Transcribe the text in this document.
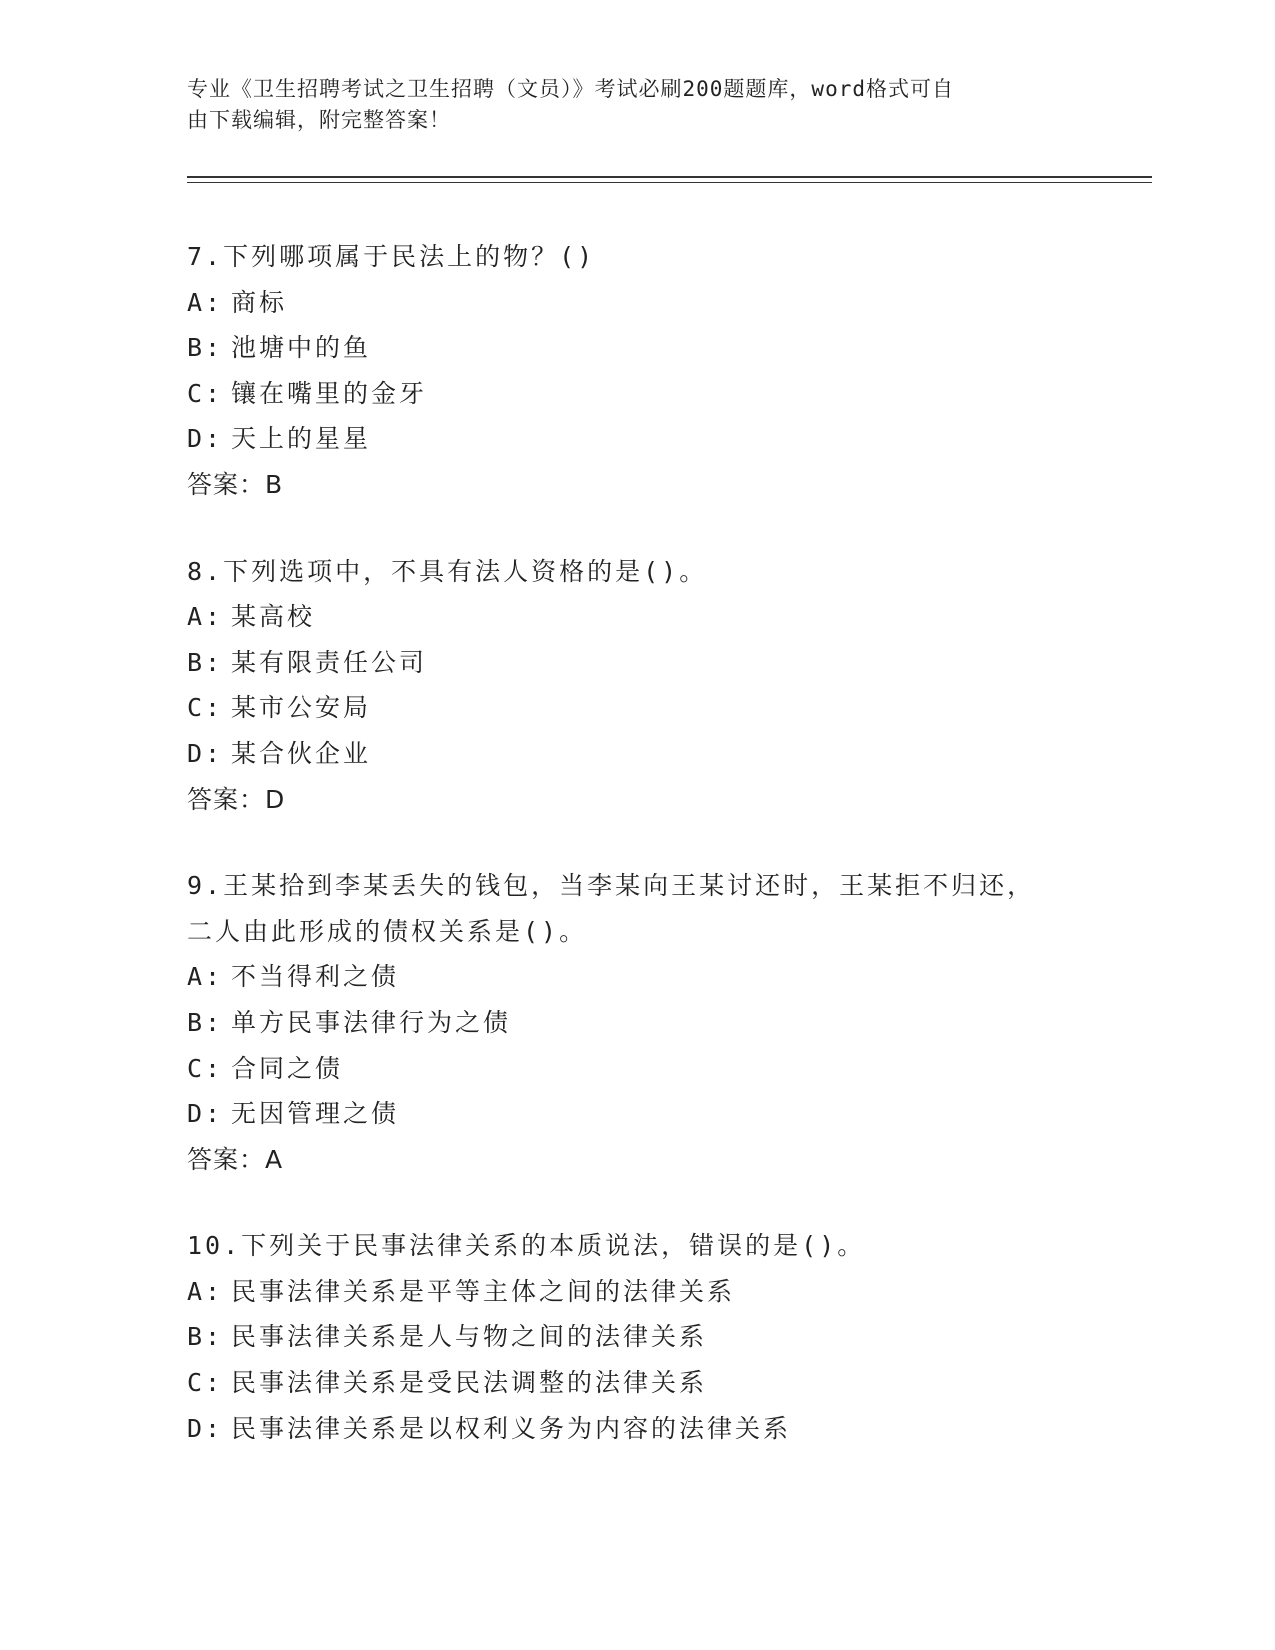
专业《卫生招聘考试之卫生招聘（文员）》考试必刷200题题库，word格式可自
由下载编辑，附完整答案！
7.下列哪项属于民法上的物？()
A: 商标
B: 池塘中的鱼
C: 镶在嘴里的金牙
D: 天上的星星
答案：B
8.下列选项中，不具有法人资格的是()。
A: 某高校
B: 某有限责任公司
C: 某市公安局
D: 某合伙企业
答案：D
9.王某拾到李某丢失的钱包，当李某向王某讨还时，王某拒不归还，
二人由此形成的债权关系是()。
A: 不当得利之债
B: 单方民事法律行为之债
C: 合同之债
D: 无因管理之债
答案：A
10.下列关于民事法律关系的本质说法，错误的是()。
A: 民事法律关系是平等主体之间的法律关系
B: 民事法律关系是人与物之间的法律关系
C: 民事法律关系是受民法调整的法律关系
D: 民事法律关系是以权利义务为内容的法律关系
